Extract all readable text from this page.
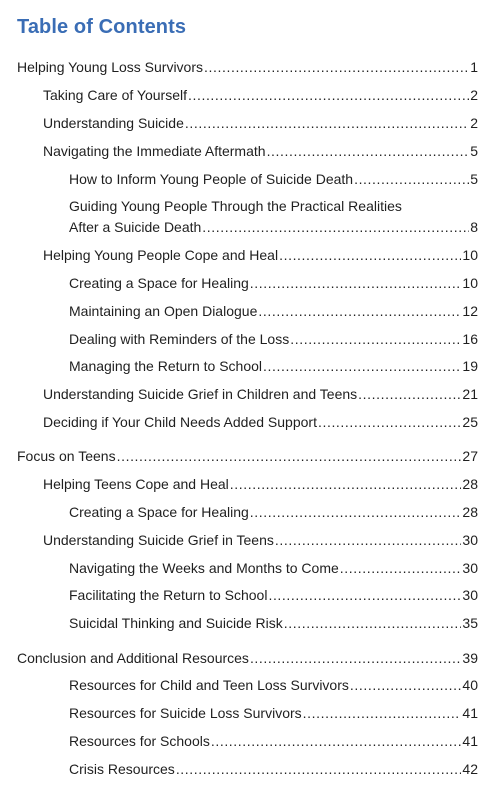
Table of Contents
Helping Young Loss Survivors .....	1
Taking Care of Yourself .....	2
Understanding Suicide .....	2
Navigating the Immediate Aftermath .....	5
How to Inform Young People of Suicide Death .....	5
Guiding Young People Through the Practical Realities
After a Suicide Death .....	8
Helping Young People Cope and Heal .....	10
Creating a Space for Healing .....	10
Maintaining an Open Dialogue .....	12
Dealing with Reminders of the Loss .....	16
Managing the Return to School .....	19
Understanding Suicide Grief in Children and Teens .....	21
Deciding if Your Child Needs Added Support .....	25
Focus on Teens .....	27
Helping Teens Cope and Heal .....	28
Creating a Space for Healing .....	28
Understanding Suicide Grief in Teens .....	30
Navigating the Weeks and Months to Come .....	30
Facilitating the Return to School .....	30
Suicidal Thinking and Suicide Risk .....	35
Conclusion and Additional Resources .....	39
Resources for Child and Teen Loss Survivors .....	40
Resources for Suicide Loss Survivors .....	41
Resources for Schools .....	41
Crisis Resources .....	42
